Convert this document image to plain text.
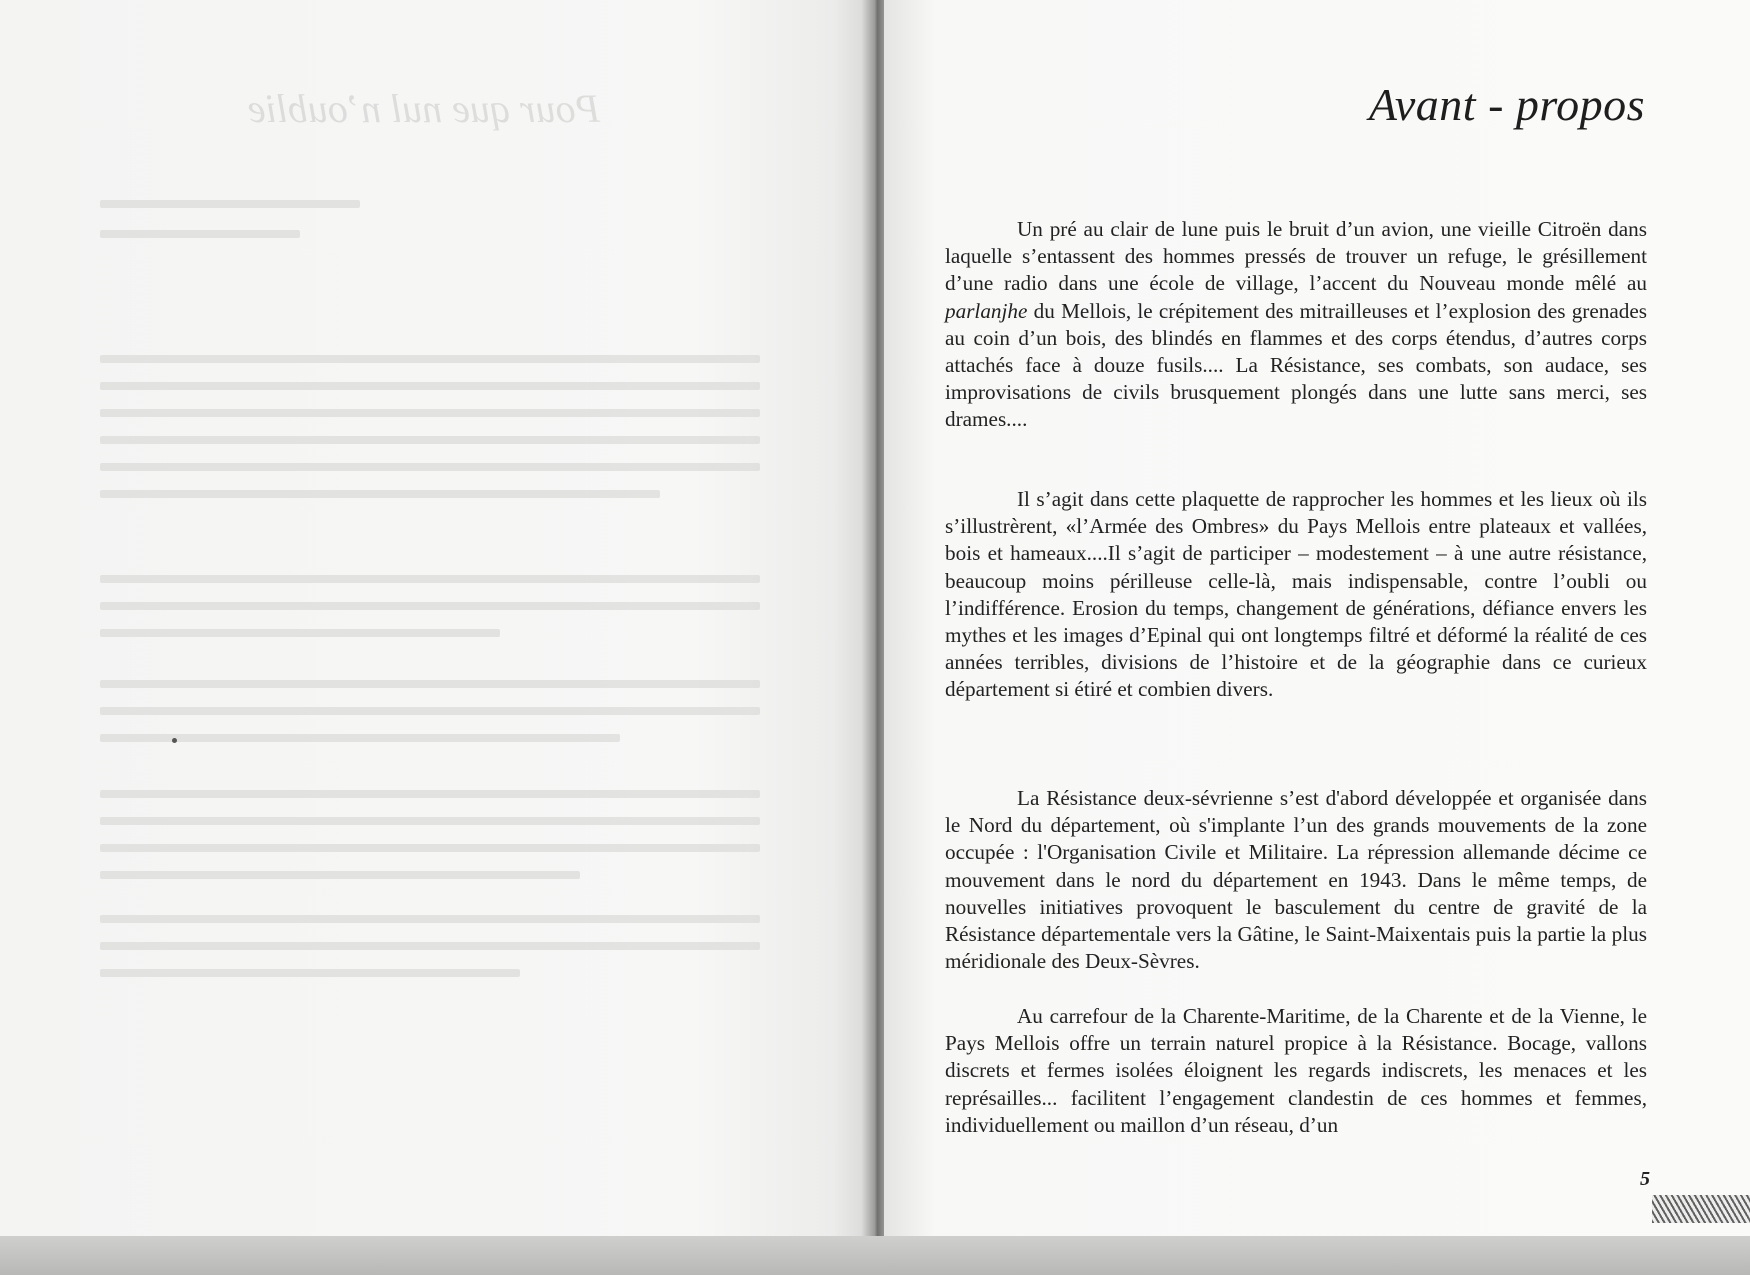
Pour que nul n’oublie	Avant - propos

Un pré au clair de lune puis le bruit d’un avion, une vieille Citroën dans laquelle s’entassent des hommes pressés de trouver un refuge, le grésillement d’une radio dans une école de village, l’accent du Nouveau monde mêlé au parlanjhe du Mellois, le crépitement des mitrailleuses et l’explosion des grenades au coin d’un bois, des blindés en flammes et des corps étendus, d’autres corps attachés face à douze fusils.... La Résistance, ses combats, son audace, ses improvisations de civils brusquement plongés dans une lutte sans merci, ses drames....

Il s’agit dans cette plaquette de rapprocher les hommes et les lieux où ils s’illustrèrent, «l’Armée des Ombres» du Pays Mellois entre plateaux et vallées, bois et hameaux....Il s’agit de participer – modestement – à une autre résistance, beaucoup moins périlleuse celle-là, mais indispensable, contre l’oubli ou l’indifférence. Erosion du temps, changement de générations, défiance envers les mythes et les images d’Epinal qui ont longtemps filtré et déformé la réalité de ces années terribles, divisions de l’histoire et de la géographie dans ce curieux département si étiré et combien divers.

La Résistance deux-sévrienne s’est d'abord développée et organisée dans le Nord du département, où s'implante l’un des grands mouvements de la zone occupée : l'Organisation Civile et Militaire. La répression allemande décime ce mouvement dans le nord du département en 1943. Dans le même temps, de nouvelles initiatives provoquent le basculement du centre de gravité de la Résistance départementale vers la Gâtine, le Saint-Maixentais puis la partie la plus méridionale des Deux-Sèvres.

Au carrefour de la Charente-Maritime, de la Charente et de la Vienne, le Pays Mellois offre un terrain naturel propice à la Résistance. Bocage, vallons discrets et fermes isolées éloignent les regards indiscrets, les menaces et les représailles... facilitent l’engagement clandestin de ces hommes et femmes, individuellement ou maillon d’un réseau, d’un

5
